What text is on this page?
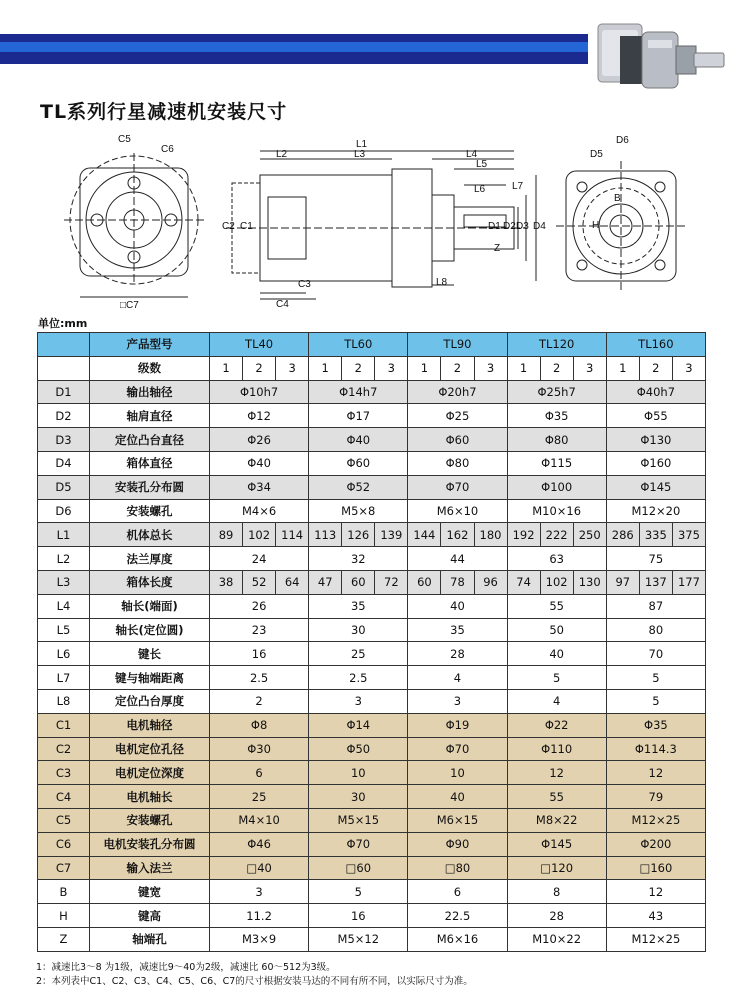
TL系列行星减速机安装尺寸
C5
C6
□C7
L1
L2	L3	L4
L5
L6	L7
L8
C3
C4
C2 C1	D1 D2 D3 D4
Z
D6
D5
B
H
单位:mm
	产品型号	TL40			TL60			TL90			TL120			TL160		
	级数	1	2	3	1	2	3	1	2	3	1	2	3	1	2	3
D1	输出轴径	Φ10h7			Φ14h7			Φ20h7			Φ25h7			Φ40h7		
D2	轴肩直径	Φ12			Φ17			Φ25			Φ35			Φ55		
D3	定位凸台直径	Φ26			Φ40			Φ60			Φ80			Φ130		
D4	箱体直径	Φ40			Φ60			Φ80			Φ115			Φ160		
D5	安装孔分布圆	Φ34			Φ52			Φ70			Φ100			Φ145		
D6	安装螺孔	M4×6			M5×8			M6×10			M10×16			M12×20		
L1	机体总长	89	102	114	113	126	139	144	162	180	192	222	250	286	335	375
L2	法兰厚度	24			32			44			63			75		
L3	箱体长度	38	52	64	47	60	72	60	78	96	74	102	130	97	137	177
L4	轴长(端面)	26			35			40			55			87		
L5	轴长(定位圆)	23			30			35			50			80		
L6	键长	16			25			28			40			70		
L7	键与轴端距离	2.5			2.5			4			5			5		
L8	定位凸台厚度	2			3			3			4			5		
C1	电机轴径	Φ8			Φ14			Φ19			Φ22			Φ35		
C2	电机定位孔径	Φ30			Φ50			Φ70			Φ110			Φ114.3		
C3	电机定位深度	6			10			10			12			12		
C4	电机轴长	25			30			40			55			79		
C5	安装螺孔	M4×10			M5×15			M6×15			M8×22			M12×25		
C6	电机安装孔分布圆	Φ46			Φ70			Φ90			Φ145			Φ200		
C7	输入法兰	□40			□60			□80			□120			□160		
B	键宽	3			5			6			8			12		
H	键高	11.2			16			22.5			28			43		
Z	轴端孔	M3×9			M5×12			M6×16			M10×22			M12×25		
1：减速比3～8 为1级，减速比9～40为2级，减速比 60～512为3级。
2：本列表中C1、C2、C3、C4、C5、C6、C7的尺寸根据安装马达的不同有所不同，以实际尺寸为准。
